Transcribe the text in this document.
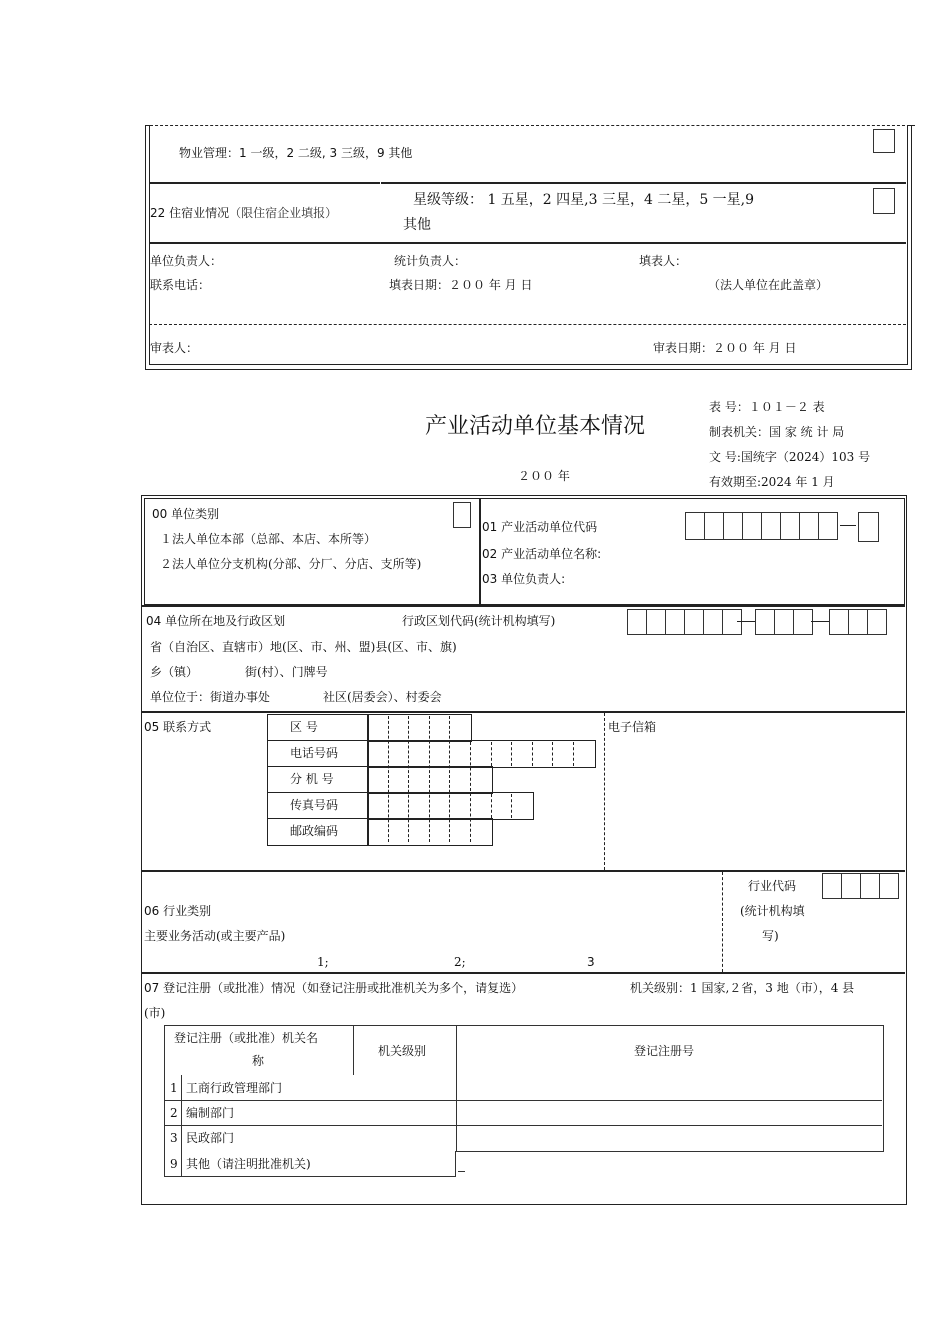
物业管理：1 一级，2 二级, 3 三级，9 其他
22 住宿业情况（限住宿企业填报）
星级等级： 1 五星，2 四星,3 三星，4 二星，5 一星,9
其他
单位负责人：	统计负责人：	填表人：
联系电话：	填表日期：２００ 年 月 日	（法人单位在此盖章）
审表人：	审表日期：２００ 年 月 日
产业活动单位基本情况
２００ 年
表 号：１０１－２ 表
制表机关：国 家 统 计 局
文 号:国统字（2024）103 号
有效期至:2024 年 1 月
00 单位类别
１法人单位本部（总部、本店、本所等）
２法人单位分支机构(分部、分厂、分店、支所等)
01 产业活动单位代码
02 产业活动单位名称:
03 单位负责人:
04 单位所在地及行政区划	行政区划代码(统计机构填写)
省（自治区、直辖市）地(区、市、州、盟)县(区、市、旗)
乡（镇）	街(村）、门牌号
单位位于：街道办事处	社区(居委会）、村委会
05 联系方式	电子信箱
区 号
电话号码
分 机 号
传真号码
邮政编码
06 行业类别
主要业务活动(或主要产品)
1;	2;	3
行业代码
(统计机构填
写)
07 登记注册（或批准）情况（如登记注册或批准机关为多个，请复选）	机关级别：1 国家,２省，3 地（市），4 县
(市)
登记注册（或批准）机关名
称
机关级别	登记注册号
1 工商行政管理部门
2 编制部门
3 民政部门
9 其他（请注明批准机关)
